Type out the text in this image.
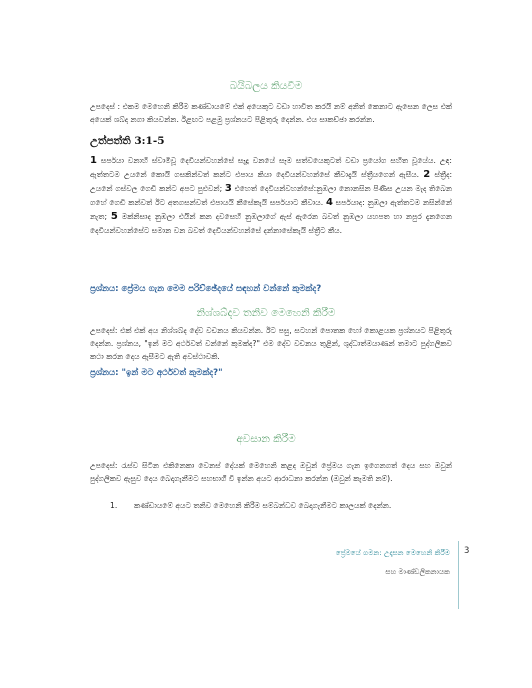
බයිබලය කියවීම
උපදෙස් : එකම මෙහෙනි කිරීම කණ්ඩායමේ එක් අයෙකුට වඩා හාවිත කරයි නම් අනිත් කෙනාට ඇසෙන ලෙස එක් අයෙක් ශබ්ද නගා කියවන්න. ඊළඟට පළමු ප්‍රශ්නයට පිළිතුරු දෙන්න. එය සාකච්ඡා කරන්න.
උත්පත්ති 3:1-5
1 සර්පයා වනාහි ස්වාමිවූ දෙවියන්වහන්සේ සෑදූ වනයේ සෑම සත්වයෙකුටත් වඩා ප්‍රයෝග සහිත වූයේය. උඳ: ඇත්තටම උයනේ කොයි ගසකින්වත් කන්ට එපාය කියා දෙවියන්වහන්සේ කීවාදැයි ස්ත්‍රීයගෙන් ඇසීය. 2 ස්ත්‍රීද: උයනේ ගස්වල ගෙඩි කන්ට අපට පුළුවන්; 3 එහෙත් දෙවියන්වහන්සේ:නුඹලා නොනසින පිණිස උයන මැද තිබෙන ගහේ ගෙඩි කන්වත් ඊට අතගසන්වත් එපායයි කීසේකැයි සර්පයාට කීවාය. 4 සර්පයාද: නුඹලා ඇත්තටම නසින්නේ නැත; 5 මක්නිසාද නුඹලා එයින් කන දවසෙහි නුඹලාගේ ඇස් ඇරෙන බවත් නුඹලා යහපත හා නපුර දැනගෙන දෙවියන්වහන්සේට සමාන වන බවත් දෙවියන්වහන්සේ දන්නාසේකැයි ස්ත්‍රීට කීය.
ප්‍රශ්නය: ප්‍රේමය ගැන මෙම පරිච්ඡේදයේ සඳහන් වන්නේ කුමක්ද?
නිශ්ශබ්දව තනිව මෙහෙනි කිරීම
උපදෙස්: එක් එක් අය නිශ්ශබ්ද දේව වචනය කියවන්න. ඊට පසු, සටහන් පොතක හෝ කොළයක ප්‍රශ්නයට පිළිතුරු දෙන්න. ප්‍රශ්නය, "ඉන් මට අර්ථවත් වන්නේ කුමක්ද?" එම දේව වචනය තුළින්, ශුද්ධාත්මයාණන් තමාට පුද්ගලිකව කථා කරන දෙය ඇසීමට ඇති අවස්ථාවකි.
ප්‍රශ්නය: "ඉන් මට අර්ථවත් කුමක්ද?"
අවසාන කිරීම
උපදෙස්: රැස්ව සිටින එකිනෙකා වෙනස් දේයක් මෙහෙනි කළද ඔවුන් ප්‍රේමය ගැන ඉගෙනගත් දෙය සහ ඔවුන් පුද්ගලිකව ඇසුව දෙය බෙදාගැනීමට සහභාගී වී ඉන්න අයට ආරාධනා කරන්න (ඔවුන් කැමති නම්).
1. කණ්ඩායමේ අයට තනිව මෙහෙනි කිරීම සම්බන්ධව බෙදාගැනීමට කාලයක් දෙන්න.
ප්‍රේමයේ ගමන: උදෑසන මෙහෙනි කිරීම
සහ මාණ්ඩලිකනායක
3
